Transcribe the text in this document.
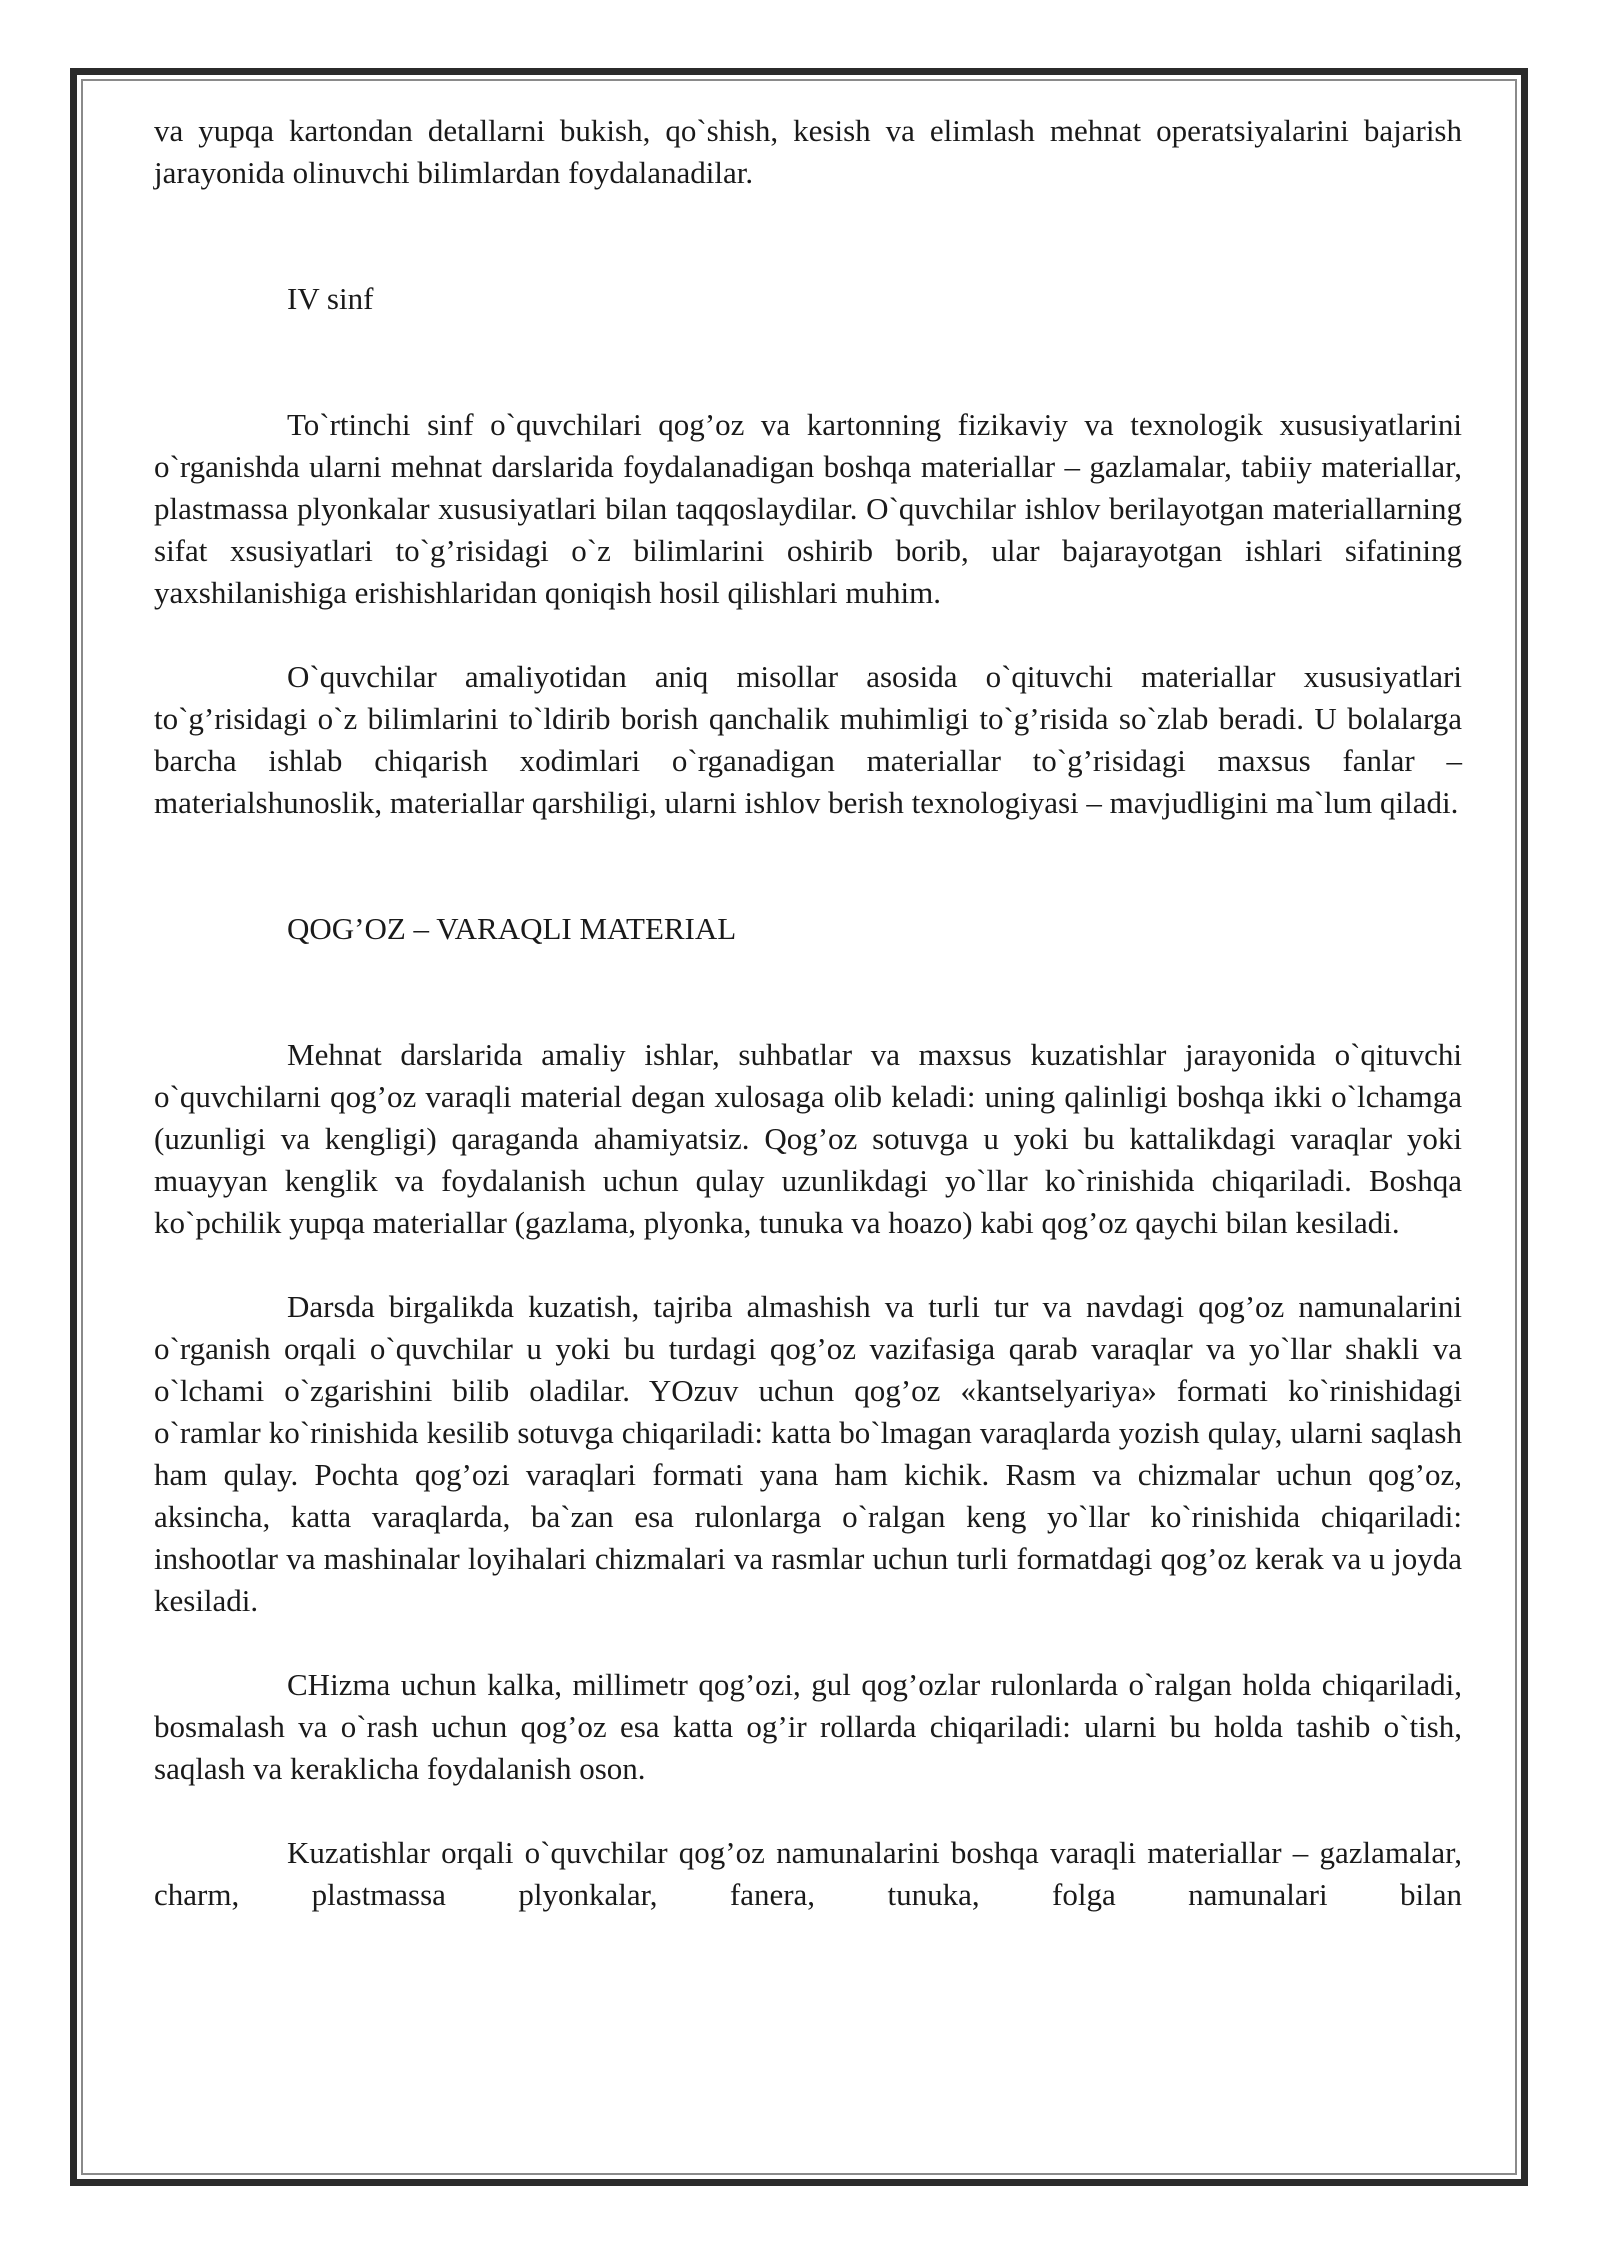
va yupqa kartondan detallarni bukish, qo`shish, kesish va elimlash mehnat operatsiyalarini bajarish jarayonida olinuvchi bilimlardan foydalanadilar.

IV sinf

To`rtinchi sinf o`quvchilari qog’oz va kartonning fizikaviy va texnologik xususiyatlarini o`rganishda ularni mehnat darslarida foydalanadigan boshqa materiallar – gazlamalar, tabiiy materiallar, plastmassa plyonkalar xususiyatlari bilan taqqoslaydilar. O`quvchilar ishlov berilayotgan materiallarning sifat xsusiyatlari to`g’risidagi o`z bilimlarini oshirib borib, ular bajarayotgan ishlari sifatining yaxshilanishiga erishishlaridan qoniqish hosil qilishlari muhim.

O`quvchilar amaliyotidan aniq misollar asosida o`qituvchi materiallar xususiyatlari to`g’risidagi o`z bilimlarini to`ldirib borish qanchalik muhimligi to`g’risida so`zlab beradi. U bolalarga barcha ishlab chiqarish xodimlari o`rganadigan materiallar to`g’risidagi maxsus fanlar – materialshunoslik, materiallar qarshiligi, ularni ishlov berish texnologiyasi – mavjudligini ma`lum qiladi.

QOG’OZ – VARAQLI MATERIAL

Mehnat darslarida amaliy ishlar, suhbatlar va maxsus kuzatishlar jarayonida o`qituvchi o`quvchilarni qog’oz varaqli material degan xulosaga olib keladi: uning qalinligi boshqa ikki o`lchamga (uzunligi va kengligi) qaraganda ahamiyatsiz. Qog’oz sotuvga u yoki bu kattalikdagi varaqlar yoki muayyan kenglik va foydalanish uchun qulay uzunlikdagi yo`llar ko`rinishida chiqariladi. Boshqa ko`pchilik yupqa materiallar (gazlama, plyonka, tunuka va hoazo) kabi qog’oz qaychi bilan kesiladi.

Darsda birgalikda kuzatish, tajriba almashish va turli tur va navdagi qog’oz namunalarini o`rganish orqali o`quvchilar u yoki bu turdagi qog’oz vazifasiga qarab varaqlar va yo`llar shakli va o`lchami o`zgarishini bilib oladilar. YOzuv uchun qog’oz «kantselyariya» formati ko`rinishidagi o`ramlar ko`rinishida kesilib sotuvga chiqariladi: katta bo`lmagan varaqlarda yozish qulay, ularni saqlash ham qulay. Pochta qog’ozi varaqlari formati yana ham kichik. Rasm va chizmalar uchun qog’oz, aksincha, katta varaqlarda, ba`zan esa rulonlarga o`ralgan keng yo`llar ko`rinishida chiqariladi: inshootlar va mashinalar loyihalari chizmalari va rasmlar uchun turli formatdagi qog’oz kerak va u joyda kesiladi.

CHizma uchun kalka, millimetr qog’ozi, gul qog’ozlar rulonlarda o`ralgan holda chiqariladi, bosmalash va o`rash uchun qog’oz esa katta og’ir rollarda chiqariladi: ularni bu holda tashib o`tish, saqlash va keraklicha foydalanish oson.

Kuzatishlar orqali o`quvchilar qog’oz namunalarini boshqa varaqli materiallar – gazlamalar, charm, plastmassa plyonkalar, fanera, tunuka, folga namunalari bilan
